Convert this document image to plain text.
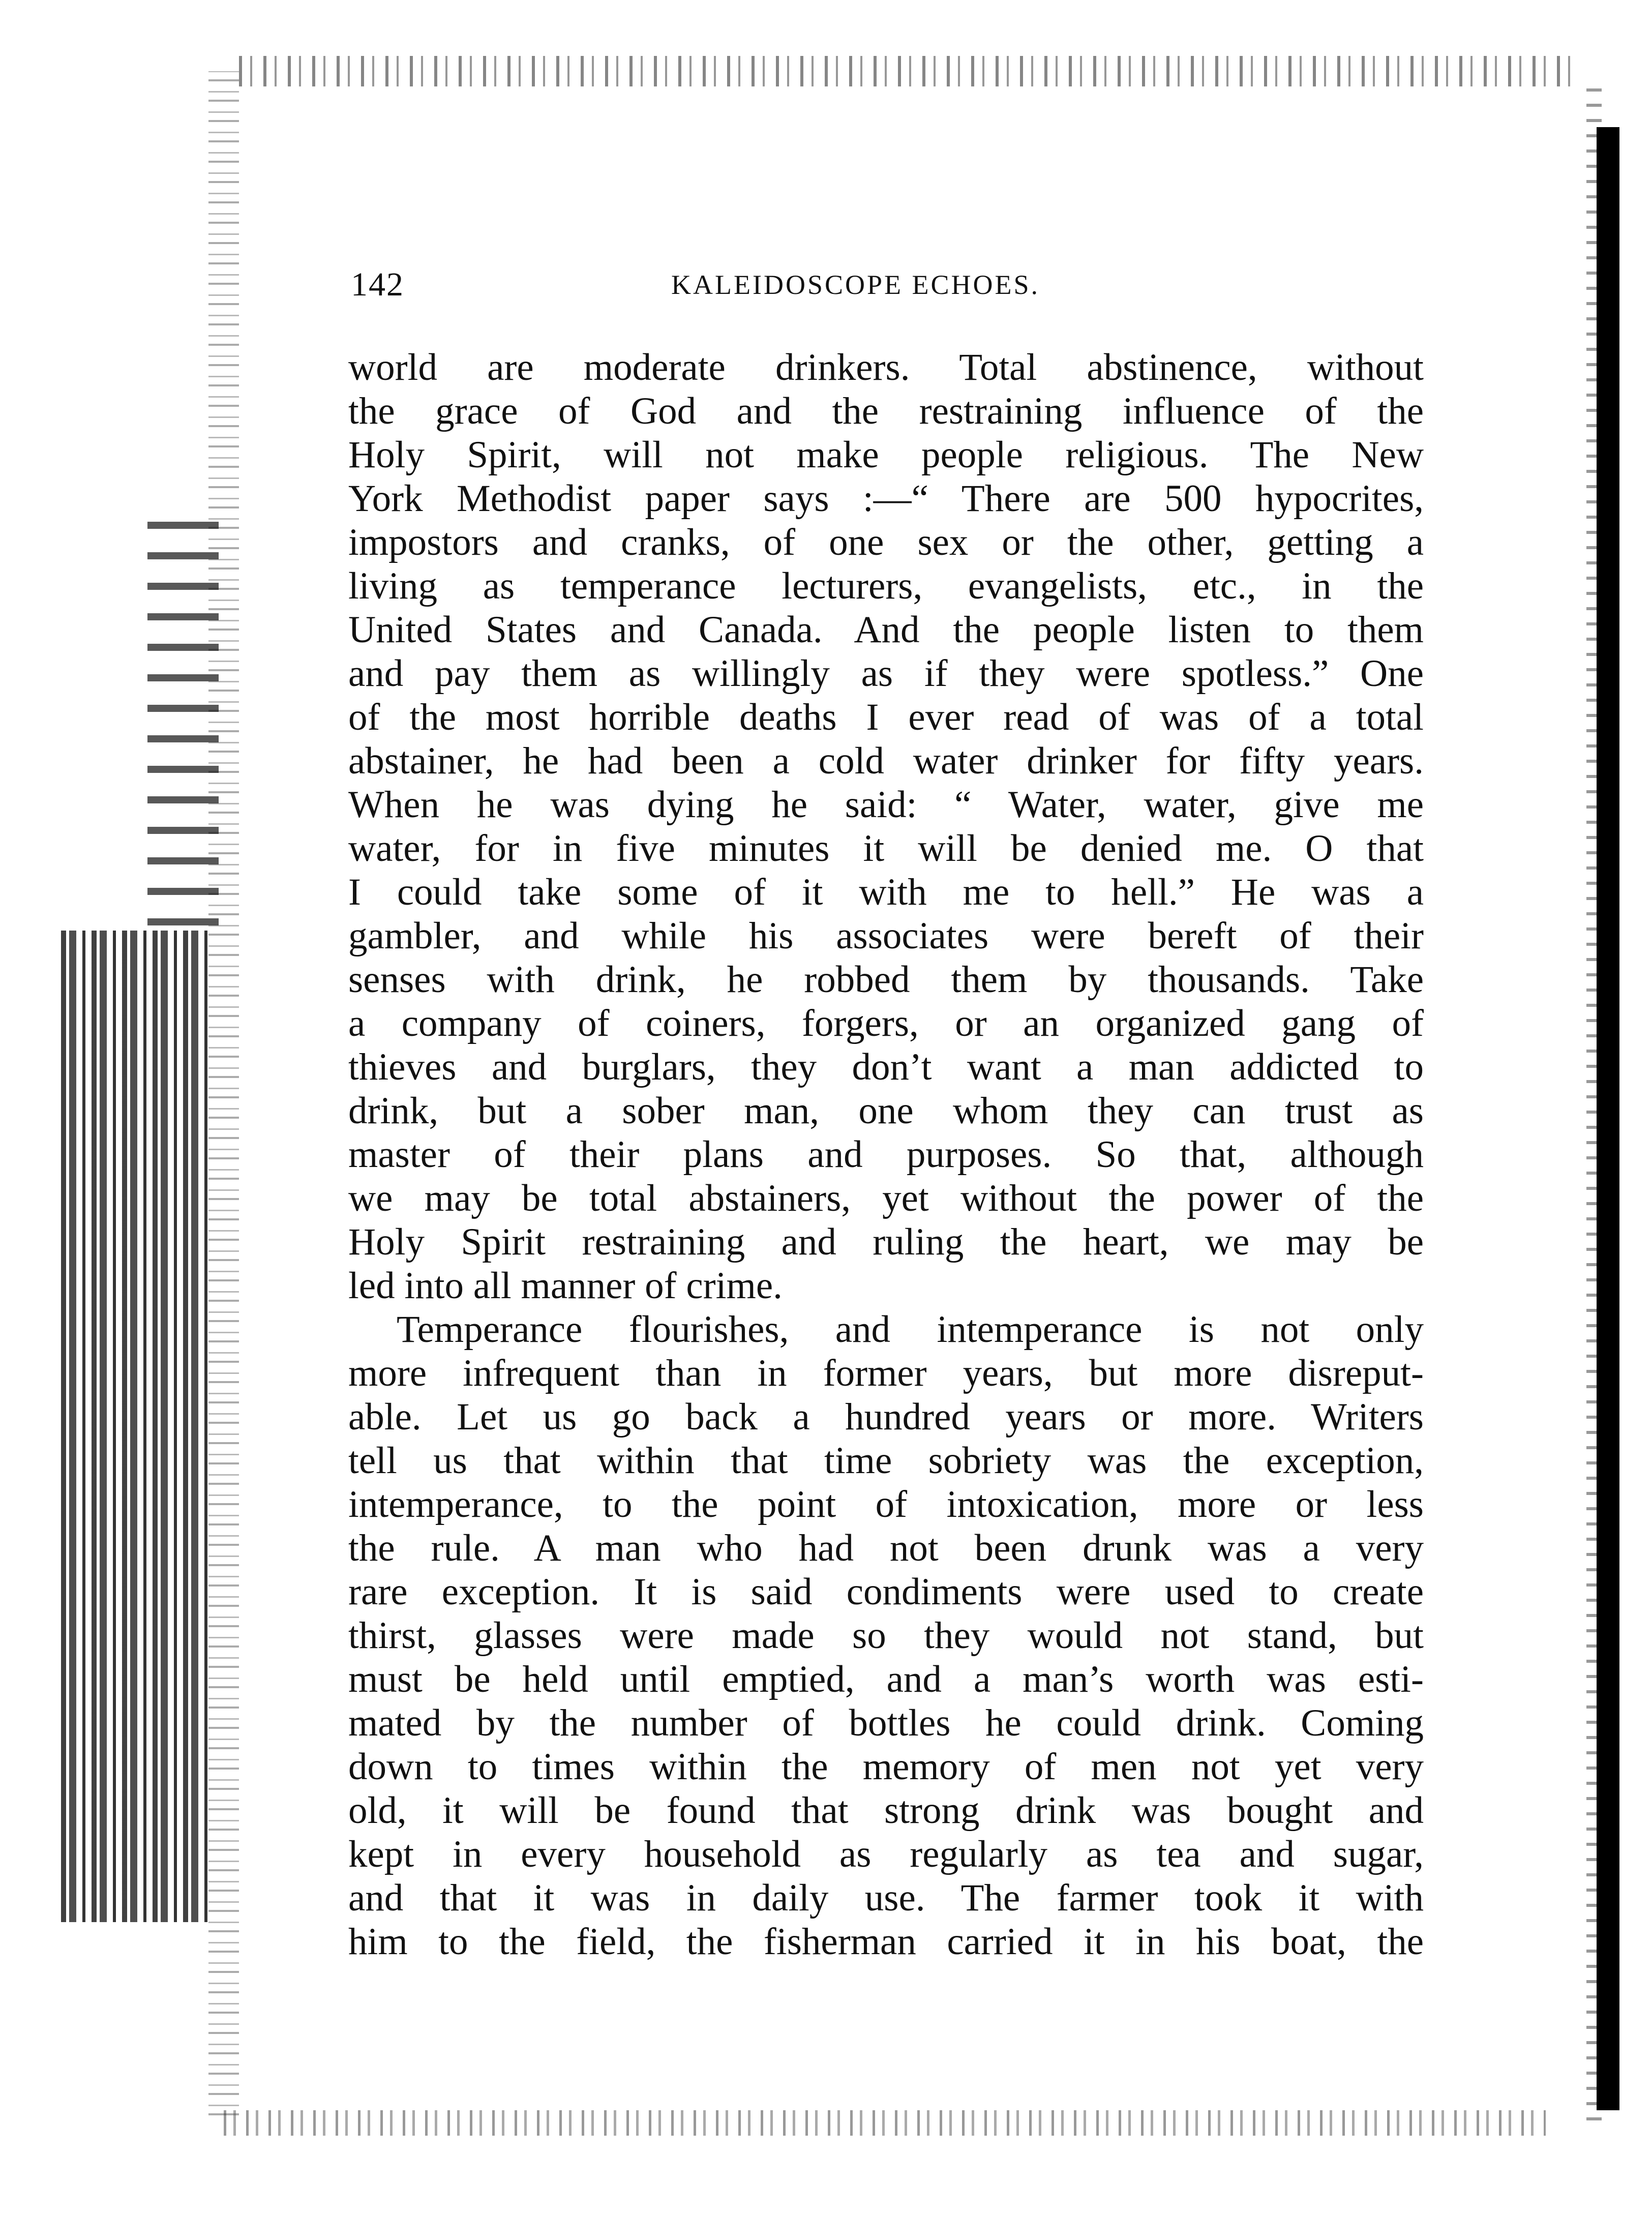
142	KALEIDOSCOPE ECHOES.
world are moderate drinkers. Total abstinence, without
the grace of God and the restraining influence of the
Holy Spirit, will not make people religious. The New
York Methodist paper says :—“ There are 500 hypocrites,
impostors and cranks, of one sex or the other, getting a
living as temperance lecturers, evangelists, etc., in the
United States and Canada. And the people listen to them
and pay them as willingly as if they were spotless.” One
of the most horrible deaths I ever read of was of a total
abstainer, he had been a cold water drinker for fifty years.
When he was dying he said: “ Water, water, give me
water, for in five minutes it will be denied me. O that
I could take some of it with me to hell.” He was a
gambler, and while his associates were bereft of their
senses with drink, he robbed them by thousands. Take
a company of coiners, forgers, or an organized gang of
thieves and burglars, they don’t want a man addicted to
drink, but a sober man, one whom they can trust as
master of their plans and purposes. So that, although
we may be total abstainers, yet without the power of the
Holy Spirit restraining and ruling the heart, we may be
led into all manner of crime.
Temperance flourishes, and intemperance is not only
more infrequent than in former years, but more disreput-
able. Let us go back a hundred years or more. Writers
tell us that within that time sobriety was the exception,
intemperance, to the point of intoxication, more or less
the rule. A man who had not been drunk was a very
rare exception. It is said condiments were used to create
thirst, glasses were made so they would not stand, but
must be held until emptied, and a man’s worth was esti-
mated by the number of bottles he could drink. Coming
down to times within the memory of men not yet very
old, it will be found that strong drink was bought and
kept in every household as regularly as tea and sugar,
and that it was in daily use. The farmer took it with
him to the field, the fisherman carried it in his boat, the
